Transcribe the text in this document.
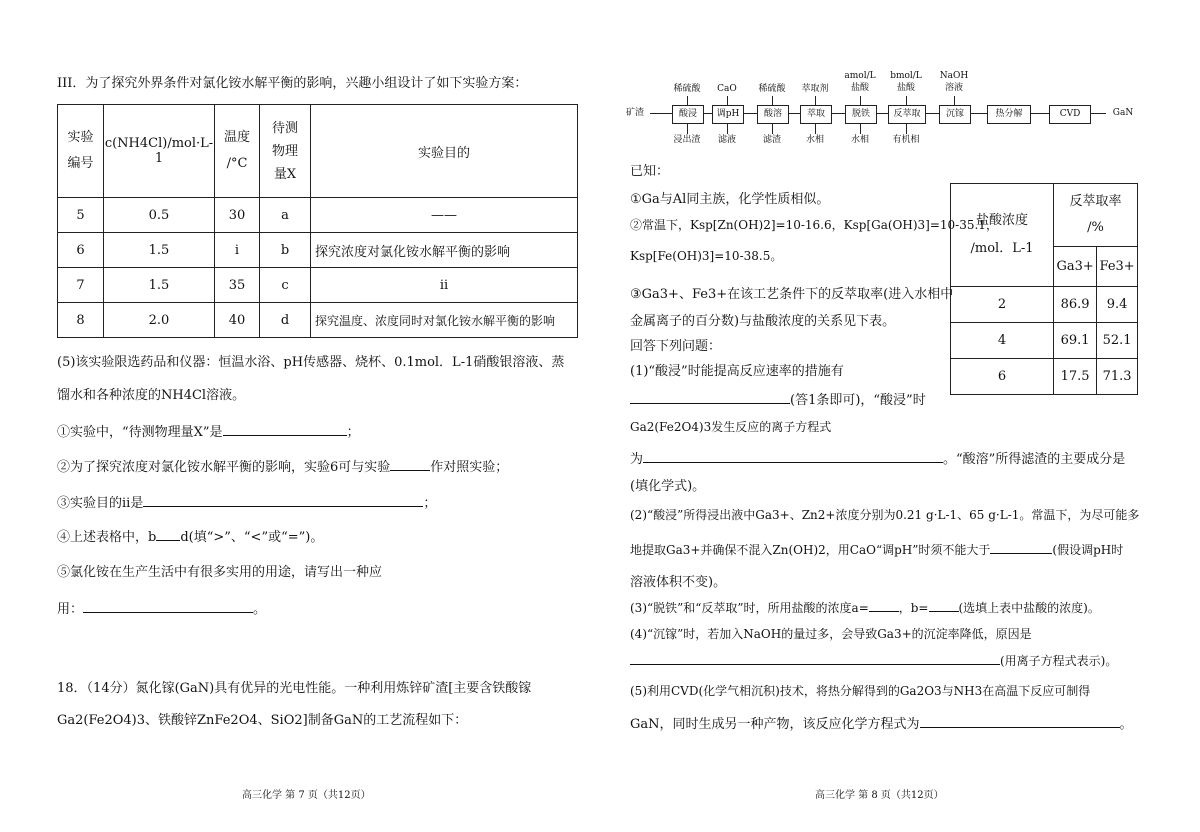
III．为了探究外界条件对氯化铵水解平衡的影响，兴趣小组设计了如下实验方案：
实验
编号	c(NH4Cl)/mol·L-1	温度
/°C	待测
物理
量X	实验目的
5	0.5	30	a	——
6	1.5	i	b	探究浓度对氯化铵水解平衡的影响
7	1.5	35	c	ii
8	2.0	40	d	探究温度、浓度同时对氯化铵水解平衡的影响
(5)该实验限选药品和仪器：恒温水浴、pH传感器、烧杯、0.1mol．L-1硝酸银溶液、蒸
馏水和各种浓度的NH4Cl溶液。
①实验中，“待测物理量X”是	；
②为了探究浓度对氯化铵水解平衡的影响，实验6可与实验	作对照实验；
③实验目的ii是	；
④上述表格中，b d(填“>”、“<”或“=”)。
⑤氯化铵在生产生活中有很多实用的用途，请写出一种应
用：	。
18．（14分）氮化镓(GaN)具有优异的光电性能。一种利用炼锌矿渣[主要含铁酸镓
Ga2(Fe2O4)3、铁酸锌ZnFe2O4、SiO2]制备GaN的工艺流程如下：
高三化学 第 7 页（共12页）
矿渣	GaN
酸浸	调pH	酸溶	萃取	脱铁	反萃取	沉镓	热分解	CVD
稀硫酸	CaO	稀硫酸	萃取剂
amol/L
盐酸
bmol/L
盐酸
NaOH
溶液
浸出渣	滤液	滤渣	水相	水相	有机相
已知：
①Ga与Al同主族，化学性质相似。
②常温下，Ksp[Zn(OH)2]=10-16.6，Ksp[Ga(OH)3]=10-35.1，
Ksp[Fe(OH)3]=10-38.5。
③Ga3+、Fe3+在该工艺条件下的反萃取率(进入水相中
金属离子的百分数)与盐酸浓度的关系见下表。
回答下列问题：
(1)“酸浸”时能提高反应速率的措施有
(答1条即可)，“酸浸”时
Ga2(Fe2O4)3发生反应的离子方程式
为	。“酸溶”所得滤渣的主要成分是
(填化学式)。
(2)“酸浸”所得浸出液中Ga3+、Zn2+浓度分别为0.21 g·L-1、65 g·L-1。常温下，为尽可能多
地提取Ga3+并确保不混入Zn(OH)2，用CaO“调pH”时须不能大于	(假设调pH时
溶液体积不变)。
(3)“脱铁”和“反萃取”时，所用盐酸的浓度a=	，b=	(选填上表中盐酸的浓度)。
(4)“沉镓”时，若加入NaOH的量过多，会导致Ga3+的沉淀率降低，原因是
(用离子方程式表示)。
(5)利用CVD(化学气相沉积)技术，将热分解得到的Ga2O3与NH3在高温下反应可制得
GaN，同时生成另一种产物，该反应化学方程式为	。
盐酸浓度
/mol．L-1	反萃取率
/%	
	Ga3+	Fe3+
2	86.9	9.4
4	69.1	52.1
6	17.5	71.3
高三化学 第 8 页（共12页）
